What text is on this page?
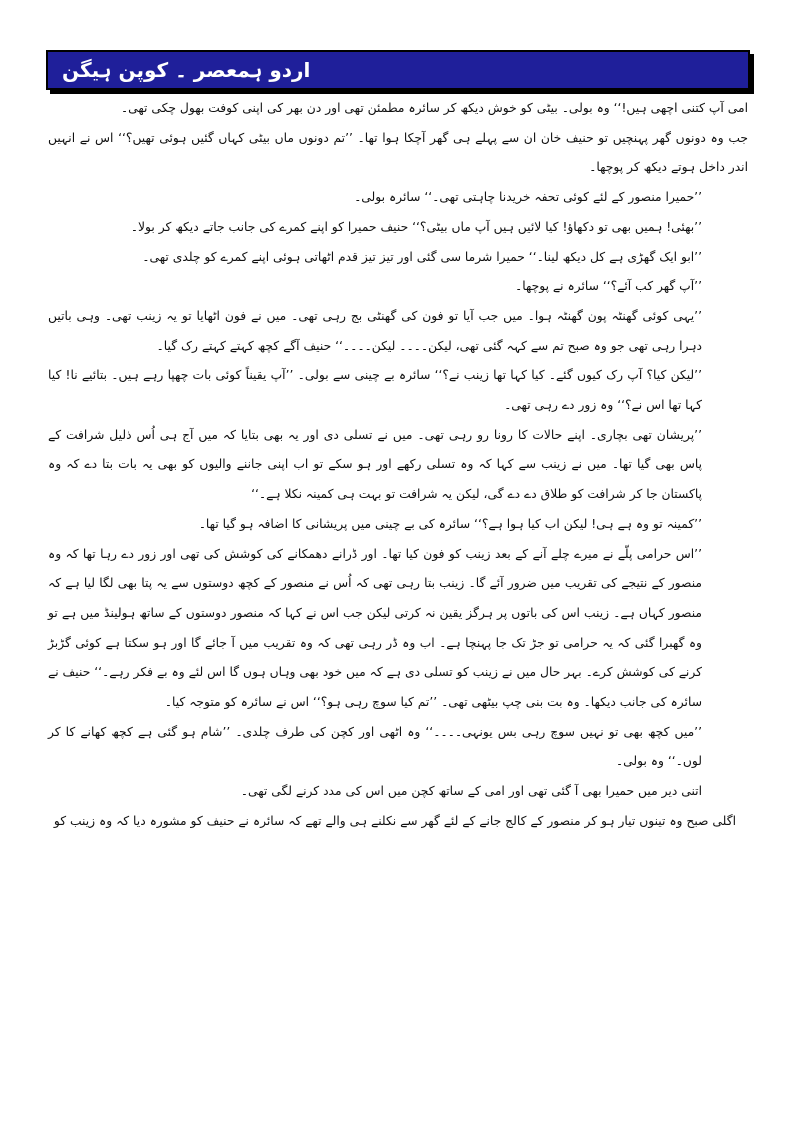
اردو ہمعصر ۔ کوپن ہیگن

امی آپ کتنی اچھی ہیں!‘‘ وہ بولی۔ بیٹی کو خوش دیکھ کر سائرہ مطمئن تھی اور دن بھر کی اپنی کوفت بھول چکی تھی۔

جب وہ دونوں گھر پہنچیں تو حنیف خان ان سے پہلے ہی گھر آچکا ہوا تھا۔ ’’تم دونوں ماں بیٹی کہاں گئیں ہوئی تھیں؟‘‘ اس نے انہیں اندر داخل ہوتے دیکھ کر پوچھا۔

’’حمیرا منصور کے لئے کوئی تحفہ خریدنا چاہتی تھی۔‘‘ سائرہ بولی۔

’’بھئی! ہمیں بھی تو دکھاؤ! کیا لائیں ہیں آپ ماں بیٹی؟‘‘ حنیف حمیرا کو اپنے کمرے کی جانب جاتے دیکھ کر بولا۔

’’ابو ایک گھڑی ہے کل دیکھ لینا۔‘‘ حمیرا شرما سی گئی اور تیز تیز قدم اٹھاتی ہوئی اپنے کمرے کو چلدی تھی۔

’’آپ گھر کب آئے؟‘‘ سائرہ نے پوچھا۔

’’یہی کوئی گھنٹہ پون گھنٹہ ہوا۔ میں جب آیا تو فون کی گھنٹی بج رہی تھی۔ میں نے فون اٹھایا تو یہ زینب تھی۔ وہی باتیں دہرا رہی تھی جو وہ صبح تم سے کہہ گئی تھی، لیکن۔۔۔۔ لیکن۔۔۔۔‘‘ حنیف آگے کچھ کہتے کہتے رک گیا۔

’’لیکن کیا؟ آپ رک کیوں گئے۔ کیا کہا تھا زینب نے؟‘‘ سائرہ بے چینی سے بولی۔ ’’آپ یقیناً کوئی بات چھپا رہے ہیں۔ بتائیے نا! کیا کہا تھا اس نے؟‘‘ وہ زور دے رہی تھی۔

’’پریشان تھی بچاری۔ اپنے حالات کا رونا رو رہی تھی۔ میں نے تسلی دی اور یہ بھی بتایا کہ میں آج ہی اُس ذلیل شرافت کے پاس بھی گیا تھا۔ میں نے زینب سے کہا کہ وہ تسلی رکھے اور ہو سکے تو اب اپنی جاننے والیوں کو بھی یہ بات بتا دے کہ وہ پاکستان جا کر شرافت کو طلاق دے دے گی، لیکن یہ شرافت تو بہت ہی کمینہ نکلا ہے۔‘‘

’’کمینہ تو وہ ہے ہی! لیکن اب کیا ہوا ہے؟‘‘ سائرہ کی بے چینی میں پریشانی کا اضافہ ہو گیا تھا۔

’’اس حرامی پلّے نے میرے چلے آنے کے بعد زینب کو فون کیا تھا۔ اور ڈرانے دھمکانے کی کوشش کی تھی اور زور دے رہا تھا کہ وہ منصور کے نتیجے کی تقریب میں ضرور آئے گا۔ زینب بتا رہی تھی کہ اُس نے منصور کے کچھ دوستوں سے یہ پتا بھی لگا لیا ہے کہ منصور کہاں ہے۔ زینب اس کی باتوں پر ہرگز یقین نہ کرتی لیکن جب اس نے کہا کہ منصور دوستوں کے ساتھ ہولینڈ میں ہے تو وہ گھبرا گئی کہ یہ حرامی تو جڑ تک جا پہنچا ہے۔ اب وہ ڈر رہی تھی کہ وہ تقریب میں آ جائے گا اور ہو سکتا ہے کوئی گڑبڑ کرنے کی کوشش کرے۔ بہر حال میں نے زینب کو تسلی دی ہے کہ میں خود بھی وہاں ہوں گا اس لئے وہ بے فکر رہے۔‘‘ حنیف نے سائرہ کی جانب دیکھا۔ وہ بت بنی چپ بیٹھی تھی۔ ’’تم کیا سوچ رہی ہو؟‘‘ اس نے سائرہ کو متوجہ کیا۔

’’میں کچھ بھی تو نہیں سوچ رہی بس یونہی۔۔۔۔‘‘ وہ اٹھی اور کچن کی طرف چلدی۔ ’’شام ہو گئی ہے کچھ کھانے کا کر لوں۔‘‘ وہ بولی۔

اتنی دیر میں حمیرا بھی آ گئی تھی اور امی کے ساتھ کچن میں اس کی مدد کرنے لگی تھی۔

اگلی صبح وہ تینوں تیار ہو کر منصور کے کالج جانے کے لئے گھر سے نکلنے ہی والے تھے کہ سائرہ نے حنیف کو مشورہ دیا کہ وہ زینب کو
